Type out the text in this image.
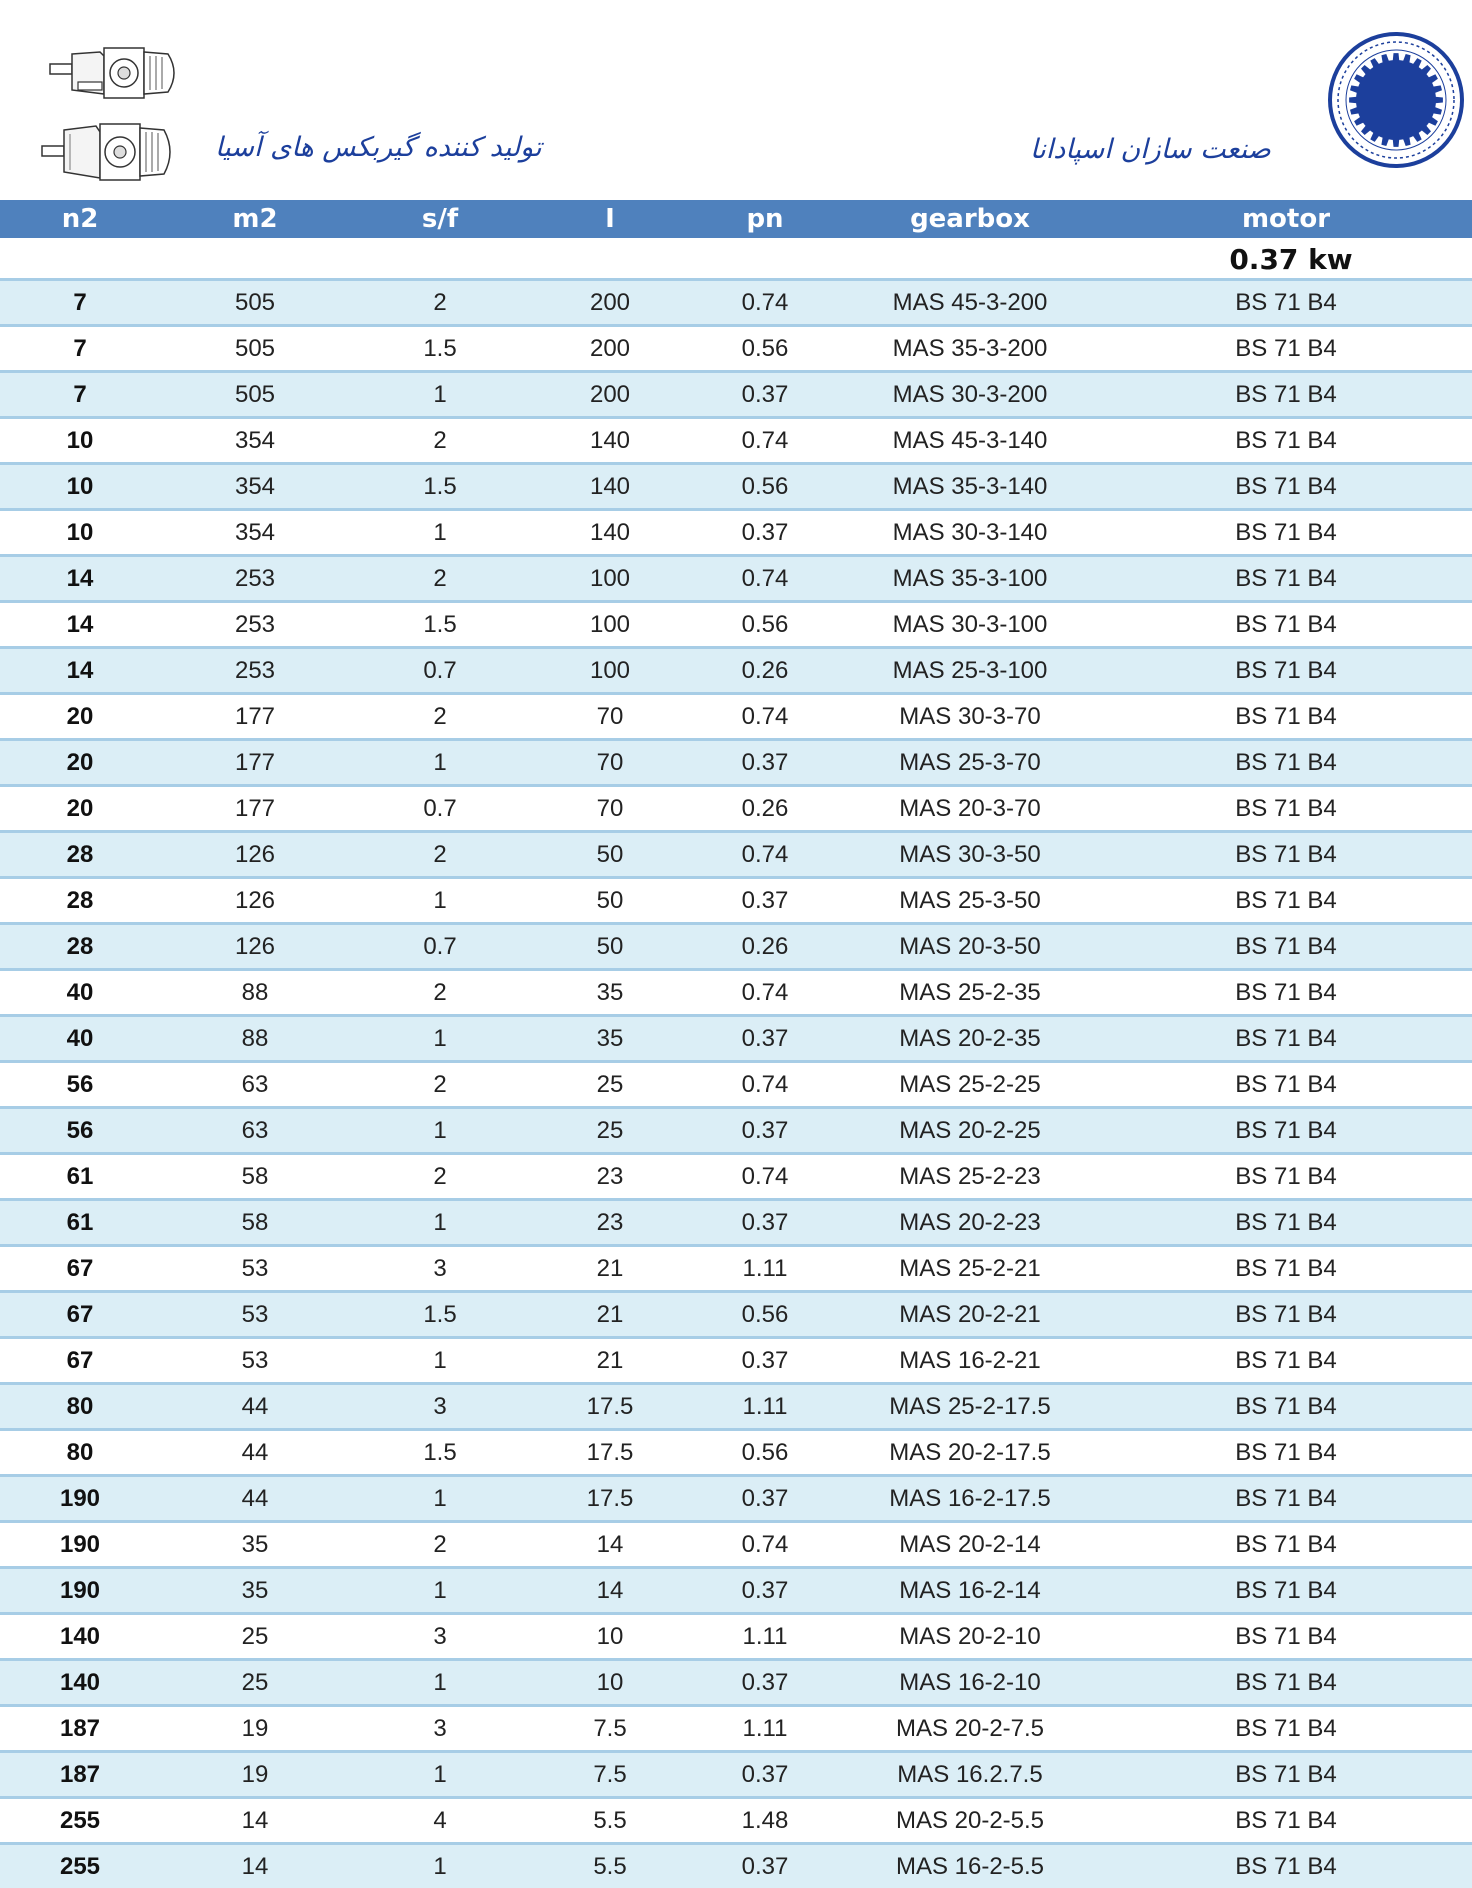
تولید کننده گیربکس های آسیا	صنعت سازان اسپادانا
n2	m2	s/f	I	pn	gearbox	motor

						0.37 kw

7	505	2	200	0.74	MAS 45-3-200	BS 71 B4
7	505	1.5	200	0.56	MAS 35-3-200	BS 71 B4
7	505	1	200	0.37	MAS 30-3-200	BS 71 B4
10	354	2	140	0.74	MAS 45-3-140	BS 71 B4
10	354	1.5	140	0.56	MAS 35-3-140	BS 71 B4
10	354	1	140	0.37	MAS 30-3-140	BS 71 B4
14	253	2	100	0.74	MAS 35-3-100	BS 71 B4
14	253	1.5	100	0.56	MAS 30-3-100	BS 71 B4
14	253	0.7	100	0.26	MAS 25-3-100	BS 71 B4
20	177	2	70	0.74	MAS 30-3-70	BS 71 B4
20	177	1	70	0.37	MAS 25-3-70	BS 71 B4
20	177	0.7	70	0.26	MAS 20-3-70	BS 71 B4
28	126	2	50	0.74	MAS 30-3-50	BS 71 B4
28	126	1	50	0.37	MAS 25-3-50	BS 71 B4
28	126	0.7	50	0.26	MAS 20-3-50	BS 71 B4
40	88	2	35	0.74	MAS 25-2-35	BS 71 B4
40	88	1	35	0.37	MAS 20-2-35	BS 71 B4
56	63	2	25	0.74	MAS 25-2-25	BS 71 B4
56	63	1	25	0.37	MAS 20-2-25	BS 71 B4
61	58	2	23	0.74	MAS 25-2-23	BS 71 B4
61	58	1	23	0.37	MAS 20-2-23	BS 71 B4
67	53	3	21	1.11	MAS 25-2-21	BS 71 B4
67	53	1.5	21	0.56	MAS 20-2-21	BS 71 B4
67	53	1	21	0.37	MAS 16-2-21	BS 71 B4
80	44	3	17.5	1.11	MAS 25-2-17.5	BS 71 B4
80	44	1.5	17.5	0.56	MAS 20-2-17.5	BS 71 B4
190	44	1	17.5	0.37	MAS 16-2-17.5	BS 71 B4
190	35	2	14	0.74	MAS 20-2-14	BS 71 B4
190	35	1	14	0.37	MAS 16-2-14	BS 71 B4
140	25	3	10	1.11	MAS 20-2-10	BS 71 B4
140	25	1	10	0.37	MAS 16-2-10	BS 71 B4
187	19	3	7.5	1.11	MAS 20-2-7.5	BS 71 B4
187	19	1	7.5	0.37	MAS 16.2.7.5	BS 71 B4
255	14	4	5.5	1.48	MAS 20-2-5.5	BS 71 B4
255	14	1	5.5	0.37	MAS 16-2-5.5	BS 71 B4
